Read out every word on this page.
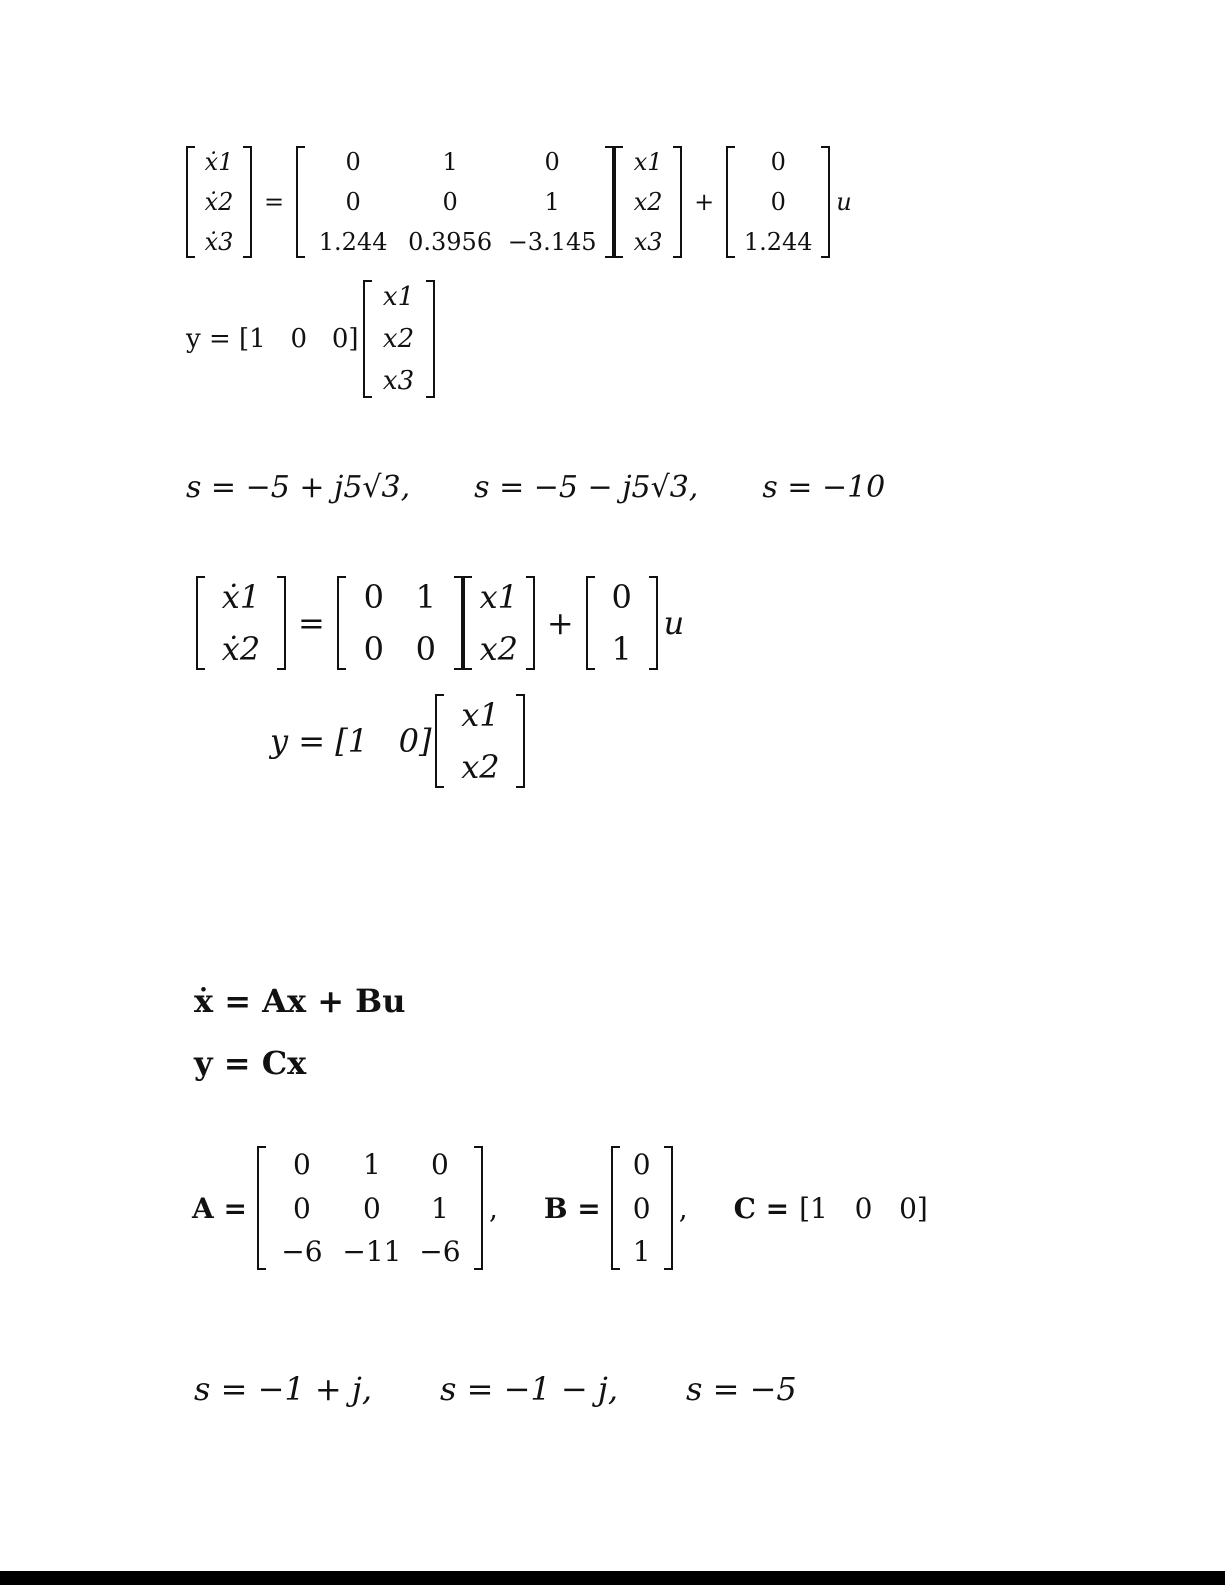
ẋ1
ẋ2
ẋ3
=
0	1	0
0	0	1
1.244 0.3956 −3.145
x1
x2
x3
+
0
0
1.244
u
y = [1   0   0]
x1
x2
x3
s = −5 + j5√3, s = −5 − j5√3, s = −10
ẋ1
ẋ2
=
0 1
0 0
x1
x2
+
0
1
u
y = [1   0]
x1
x2
ẋ = Ax + Bu
y = Cx
A =
0	1	0
0	0	1
−6 −11 −6
, B =
0
0
1
, C = [1   0   0]
s = −1 + j, s = −1 − j, s = −5
